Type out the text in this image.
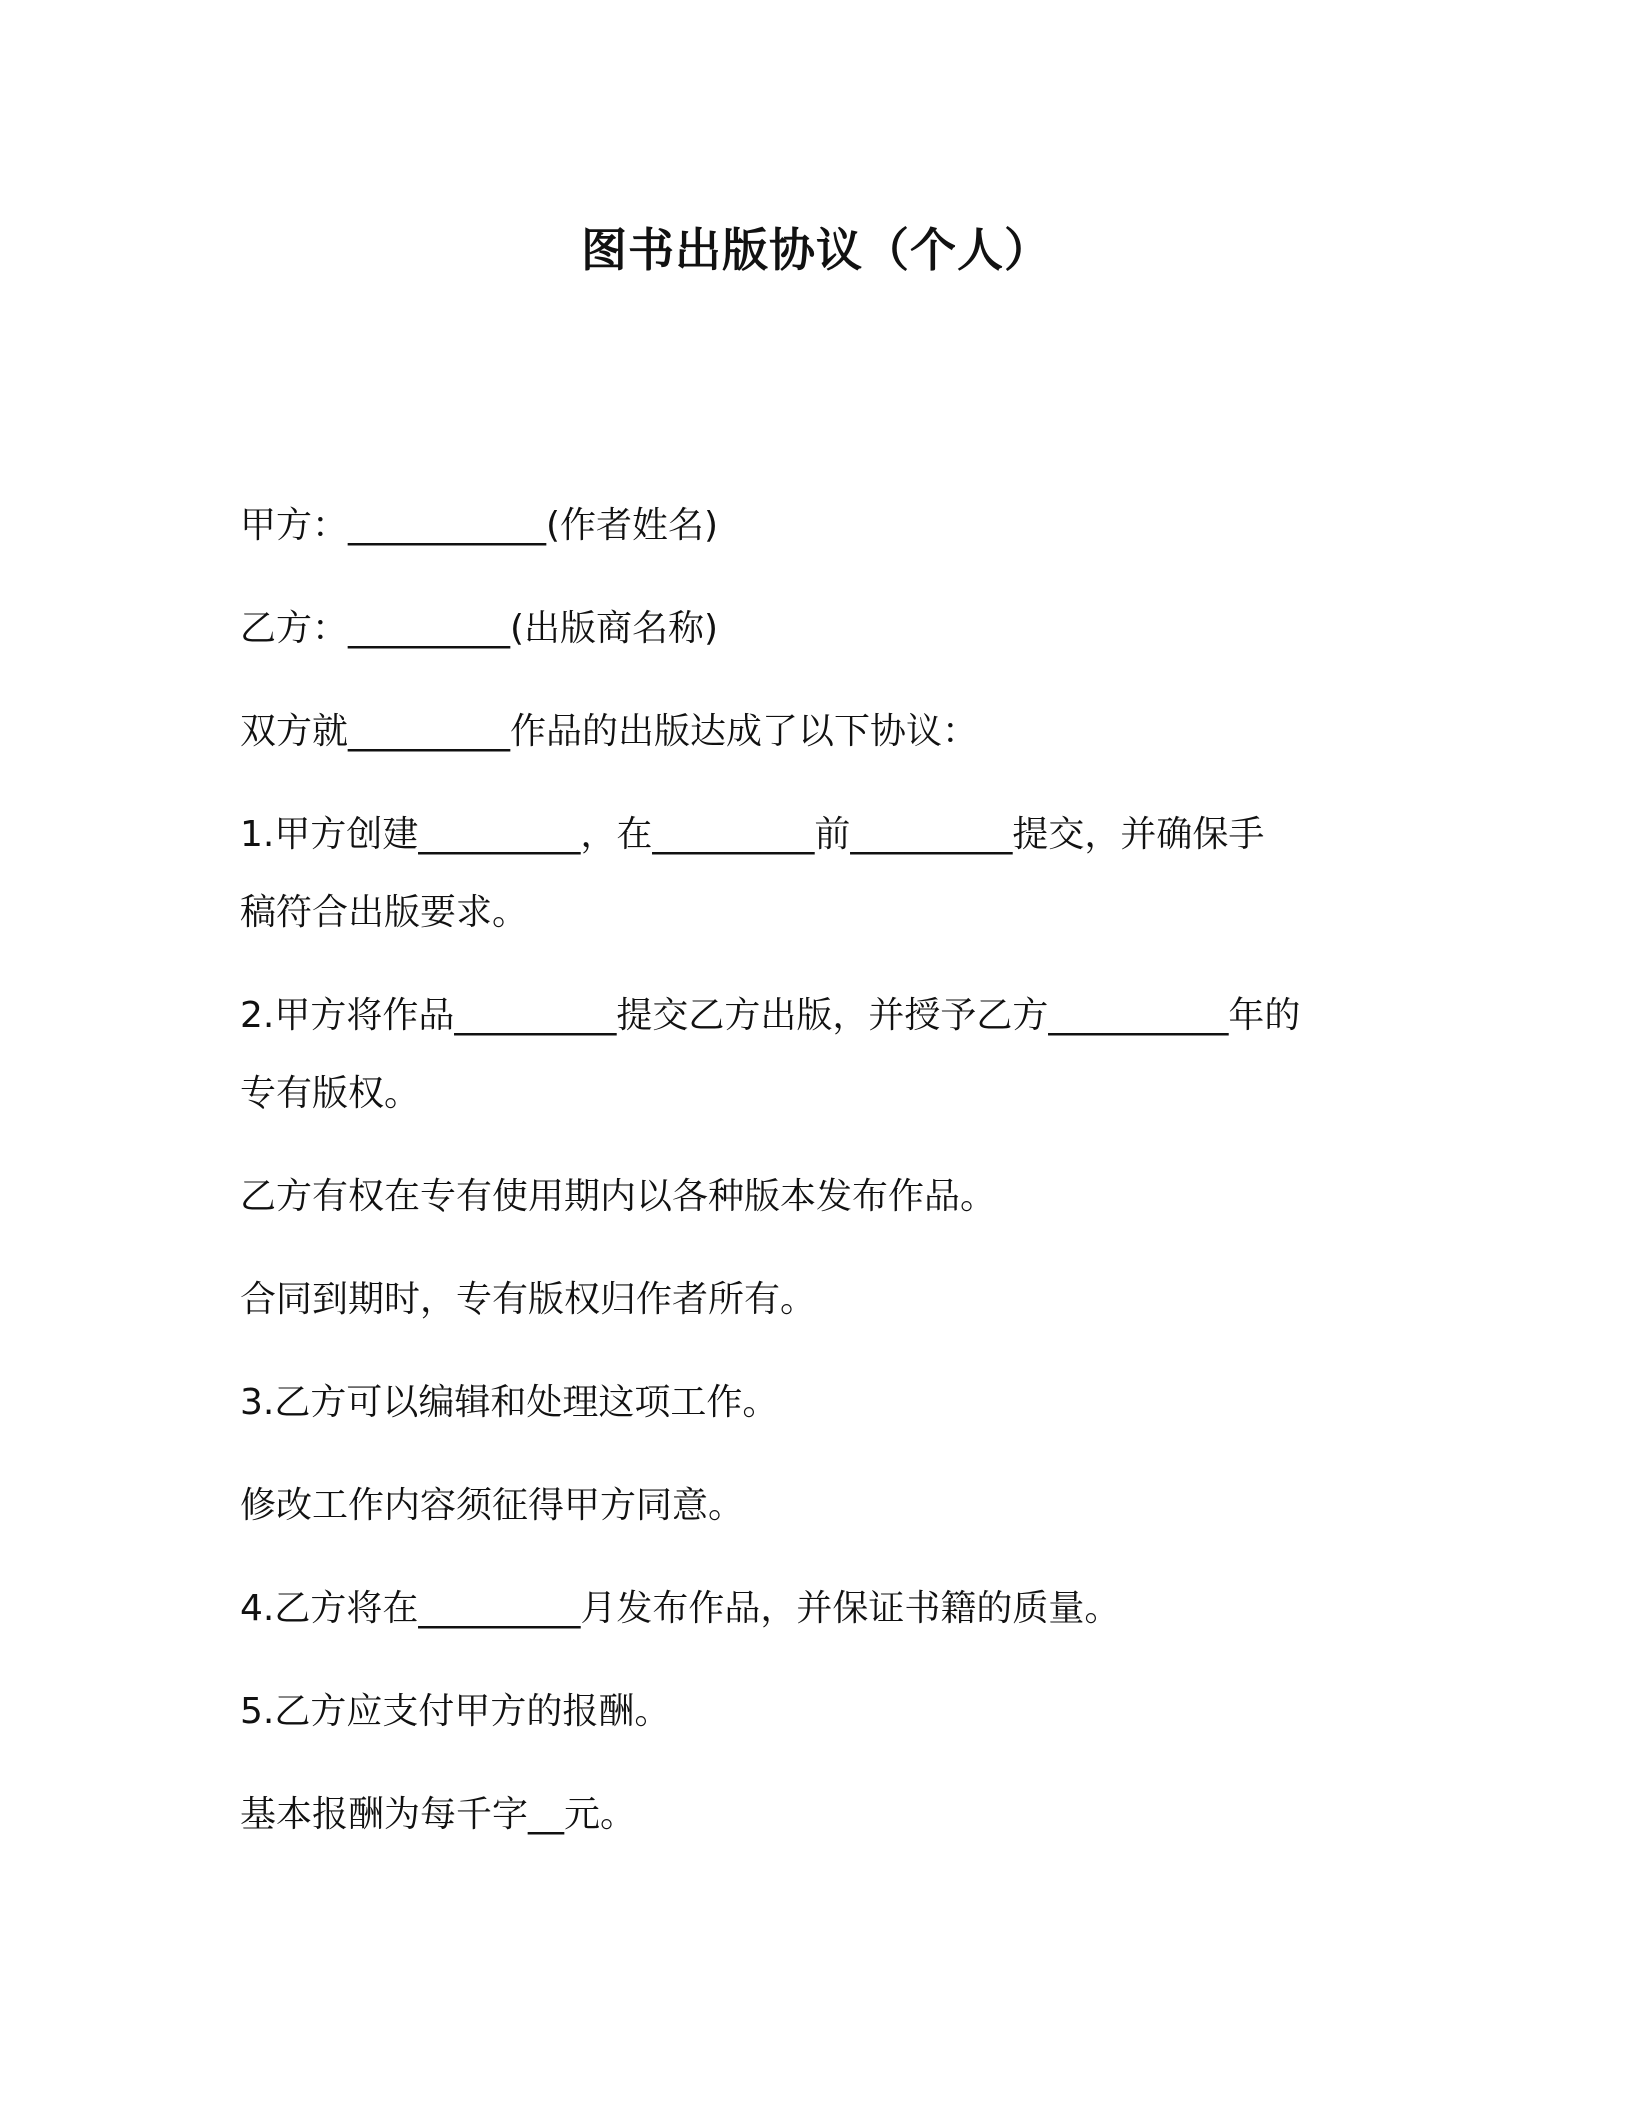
图书出版协议（个人）
甲方：___________(作者姓名)
乙方：_________(出版商名称)
双方就_________作品的出版达成了以下协议：
1.甲方创建_________，在_________前_________提交，并确保手
稿符合出版要求。
2.甲方将作品_________提交乙方出版，并授予乙方__________年的
专有版权。
乙方有权在专有使用期内以各种版本发布作品。
合同到期时，专有版权归作者所有。
3.乙方可以编辑和处理这项工作。
修改工作内容须征得甲方同意。
4.乙方将在_________月发布作品，并保证书籍的质量。
5.乙方应支付甲方的报酬。
基本报酬为每千字__元。
